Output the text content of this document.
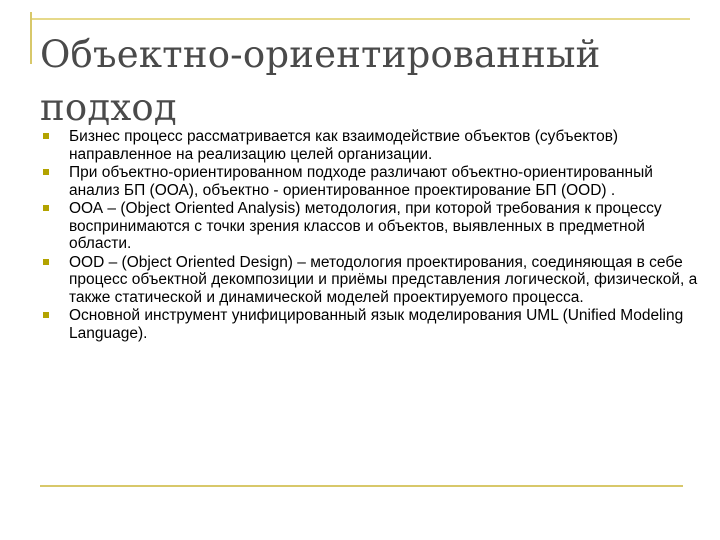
Объектно-ориентированный подход
Бизнес процесс рассматривается как взаимодействие объектов (субъектов) направленное на реализацию целей организации.
При объектно-ориентированном подходе различают объектно-ориентированный анализ БП (ООА), объектно - ориентированное проектирование БП (OOD) .
ООА – (Object Oriented Analysis) методология, при которой требования к процессу воспринимаются с точки зрения классов и объектов, выявленных в предметной области.
OOD – (Object Oriented Design) – методология проектирования, соединяющая в себе процесс объектной декомпозиции и приёмы представления логической, физической, а также статической и динамической моделей проектируемого процесса.
Основной инструмент унифицированный язык моделирования UML (Unified Modeling Language).
